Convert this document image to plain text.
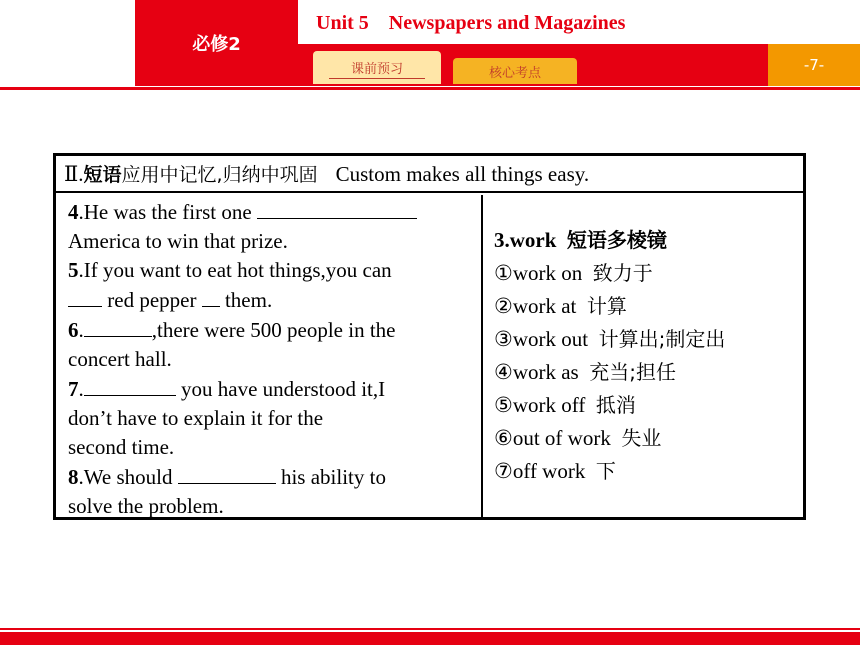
必修2
Unit 5    Newspapers and Magazines
课前预习	核心考点	-7-
Ⅱ.短语应用中记忆,归纳中巩固 Custom makes all things easy.

4.He was the first one
America to win that prize.

5.If you want to eat hot things,you can
red pepper  them.

6.	,there were 500 people in the
concert hall.

7.	you have understood it,I
don’t have to explain it for the
second time.

8.We should	his ability to
solve the problem.

3.work 短语多棱镜
①work on 致力于
②work at 计算
③work out 计算出;制定出
④work as 充当;担任
⑤work off 抵消
⑥out of work 失业
⑦off work 下
